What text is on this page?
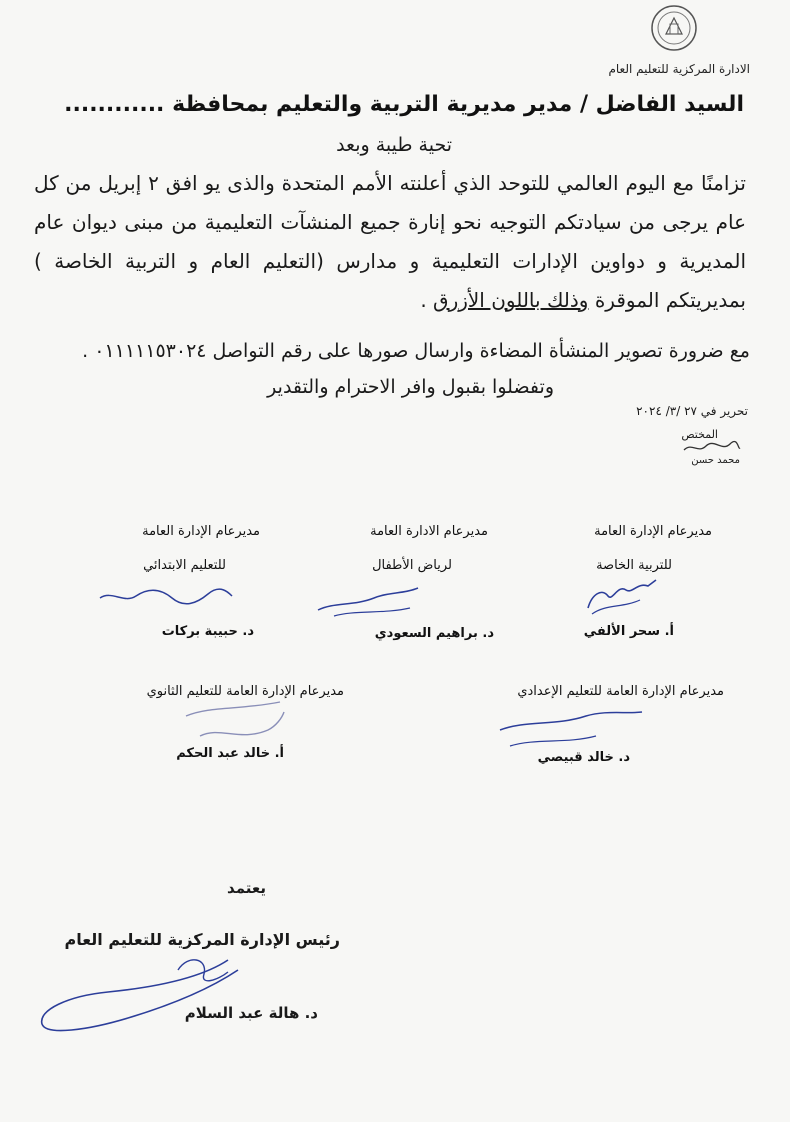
الادارة المركزية للتعليم العام
السيد الفاضل / مدير مديرية التربية والتعليم بمحافظة ............
تحية طيبة وبعد
تزامنًا مع اليوم العالمي للتوحد الذي أعلنته الأمم المتحدة والذى يو افق ٢ إبريل من كل عام يرجى من سيادتكم التوجيه نحو إنارة جميع المنشآت التعليمية من مبنى ديوان عام المديرية و دواوين الإدارات التعليمية و مدارس (التعليم العام و التربية الخاصة ) بمديريتكم الموقرة وذلك باللون الأزرق .
مع ضرورة تصوير المنشأة المضاءة وارسال صورها على رقم التواصل ٠١١١١١٥٣٠٢٤ .
وتفضلوا بقبول وافر الاحترام والتقدير
تحرير في ٢٧ /٣/ ٢٠٢٤
المختص
محمد حسن
مديرعام الإدارة العامة
للتربية الخاصة
أ. سحر الألفي
مديرعام الادارة العامة
لرياض الأطفال
د. براهيم السعودي
مديرعام الإدارة العامة
للتعليم الابتدائي
د. حبيبة بركات
مديرعام الإدارة العامة للتعليم الإعدادي
د. خالد قبيصي
مديرعام الإدارة العامة للتعليم الثانوي
أ. خالد عبد الحكم
يعتمد
رئيس الإدارة المركزية للتعليم العام
د. هالة عبد السلام
